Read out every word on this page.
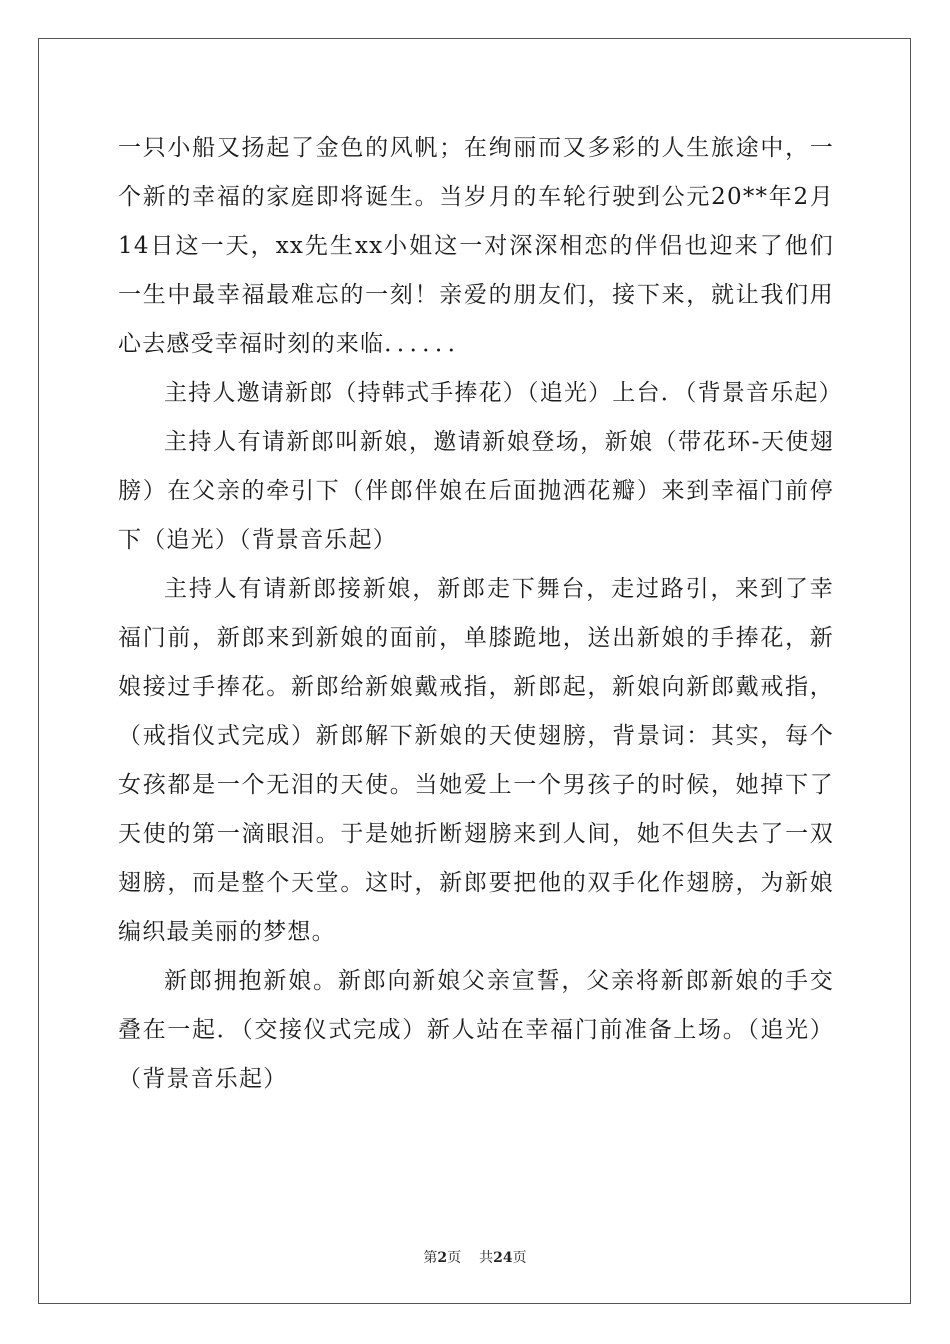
一只小船又扬起了金色的风帆；在绚丽而又多彩的人生旅途中，一个新的幸福的家庭即将诞生。当岁月的车轮行驶到公元20**年2月14日这一天，xx先生xx小姐这一对深深相恋的伴侣也迎来了他们一生中最幸福最难忘的一刻！亲爱的朋友们，接下来，就让我们用心去感受幸福时刻的来临．．．．．．

主持人邀请新郎（持韩式手捧花）（追光）上台．（背景音乐起）

主持人有请新郎叫新娘，邀请新娘登场，新娘（带花环-天使翅膀）在父亲的牵引下（伴郎伴娘在后面抛洒花瓣）来到幸福门前停下（追光）（背景音乐起）

主持人有请新郎接新娘，新郎走下舞台，走过路引，来到了幸福门前，新郎来到新娘的面前，单膝跪地，送出新娘的手捧花，新娘接过手捧花。新郎给新娘戴戒指，新郎起，新娘向新郎戴戒指，（戒指仪式完成）新郎解下新娘的天使翅膀，背景词：其实，每个女孩都是一个无泪的天使。当她爱上一个男孩子的时候，她掉下了天使的第一滴眼泪。于是她折断翅膀来到人间，她不但失去了一双翅膀，而是整个天堂。这时，新郎要把他的双手化作翅膀，为新娘编织最美丽的梦想。

新郎拥抱新娘。新郎向新娘父亲宣誓，父亲将新郎新娘的手交叠在一起．（交接仪式完成）新人站在幸福门前准备上场。（追光）（背景音乐起）

第2页 共24页
